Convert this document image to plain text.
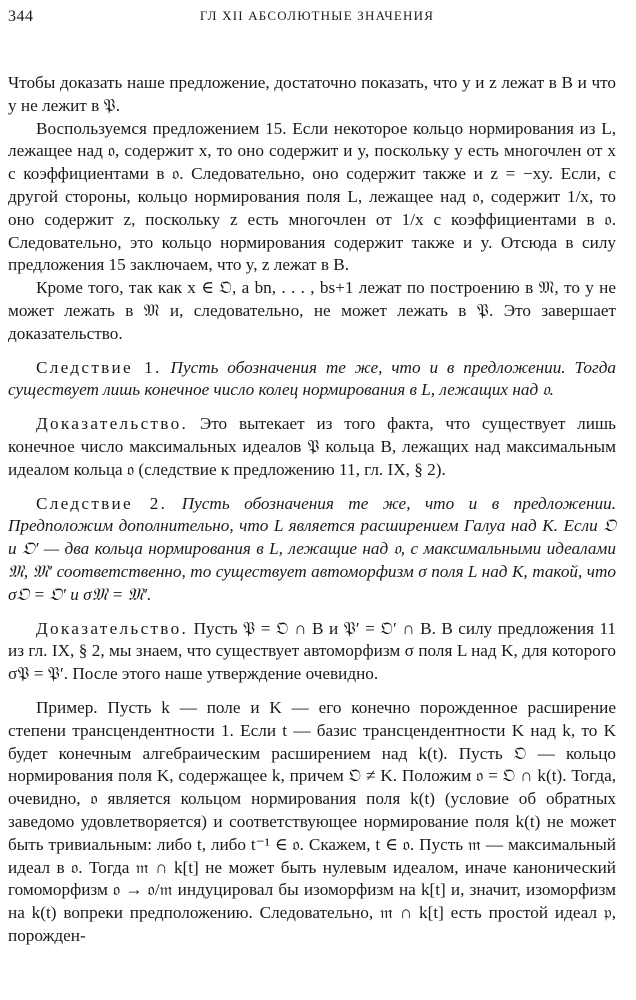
344	ГЛ XII АБСОЛЮТНЫЕ ЗНАЧЕНИЯ

Чтобы доказать наше предложение, достаточно показать, что y и z лежат в B и что y не лежит в 𝔓.

Воспользуемся предложением 15. Если некоторое кольцо нормирования из L, лежащее над 𝔬, содержит x, то оно содержит и y, поскольку y есть многочлен от x с коэффициентами в 𝔬. Следовательно, оно содержит также и z = −xy. Если, с другой стороны, кольцо нормирования поля L, лежащее над 𝔬, содержит 1/x, то оно содержит z, поскольку z есть многочлен от 1/x с коэффициентами в 𝔬. Следовательно, это кольцо нормирования содержит также и y. Отсюда в силу предложения 15 заключаем, что y, z лежат в B.

Кроме того, так как x ∈ 𝔒, а bn, . . . , bs+1 лежат по построению в 𝔐, то y не может лежать в 𝔐 и, следовательно, не может лежать в 𝔓. Это завершает доказательство.

Следствие 1. Пусть обозначения те же, что и в предложении. Тогда существует лишь конечное число колец нормирования в L, лежащих над 𝔬.

Доказательство. Это вытекает из того факта, что существует лишь конечное число максимальных идеалов 𝔓 кольца B, лежащих над максимальным идеалом кольца 𝔬 (следствие к предложению 11, гл. IX, § 2).

Следствие 2. Пусть обозначения те же, что и в предложении. Предположим дополнительно, что L является расширением Галуа над K. Если 𝔒 и 𝔒′ — два кольца нормирования в L, лежащие над 𝔬, с максимальными идеалами 𝔐, 𝔐′ соответственно, то существует автоморфизм σ поля L над K, такой, что σ𝔒 = 𝔒′ и σ𝔐 = 𝔐′.

Доказательство. Пусть 𝔓 = 𝔒 ∩ B и 𝔓′ = 𝔒′ ∩ B. В силу предложения 11 из гл. IX, § 2, мы знаем, что существует автоморфизм σ поля L над K, для которого σ𝔓 = 𝔓′. После этого наше утверждение очевидно.

Пример. Пусть k — поле и K — его конечно порожденное расширение степени трансцендентности 1. Если t — базис трансцендентности K над k, то K будет конечным алгебраическим расширением над k(t). Пусть 𝔒 — кольцо нормирования поля K, содержащее k, причем 𝔒 ≠ K. Положим 𝔬 = 𝔒 ∩ k(t). Тогда, очевидно, 𝔬 является кольцом нормирования поля k(t) (условие об обратных заведомо удовлетворяется) и соответствующее нормирование поля k(t) не может быть тривиальным: либо t, либо t⁻¹ ∈ 𝔬. Скажем, t ∈ 𝔬. Пусть 𝔪 — максимальный идеал в 𝔬. Тогда 𝔪 ∩ k[t] не может быть нулевым идеалом, иначе канонический гомоморфизм 𝔬 → 𝔬/𝔪 индуцировал бы изоморфизм на k[t] и, значит, изоморфизм на k(t) вопреки предположению. Следовательно, 𝔪 ∩ k[t] есть простой идеал 𝔭, порожден-
